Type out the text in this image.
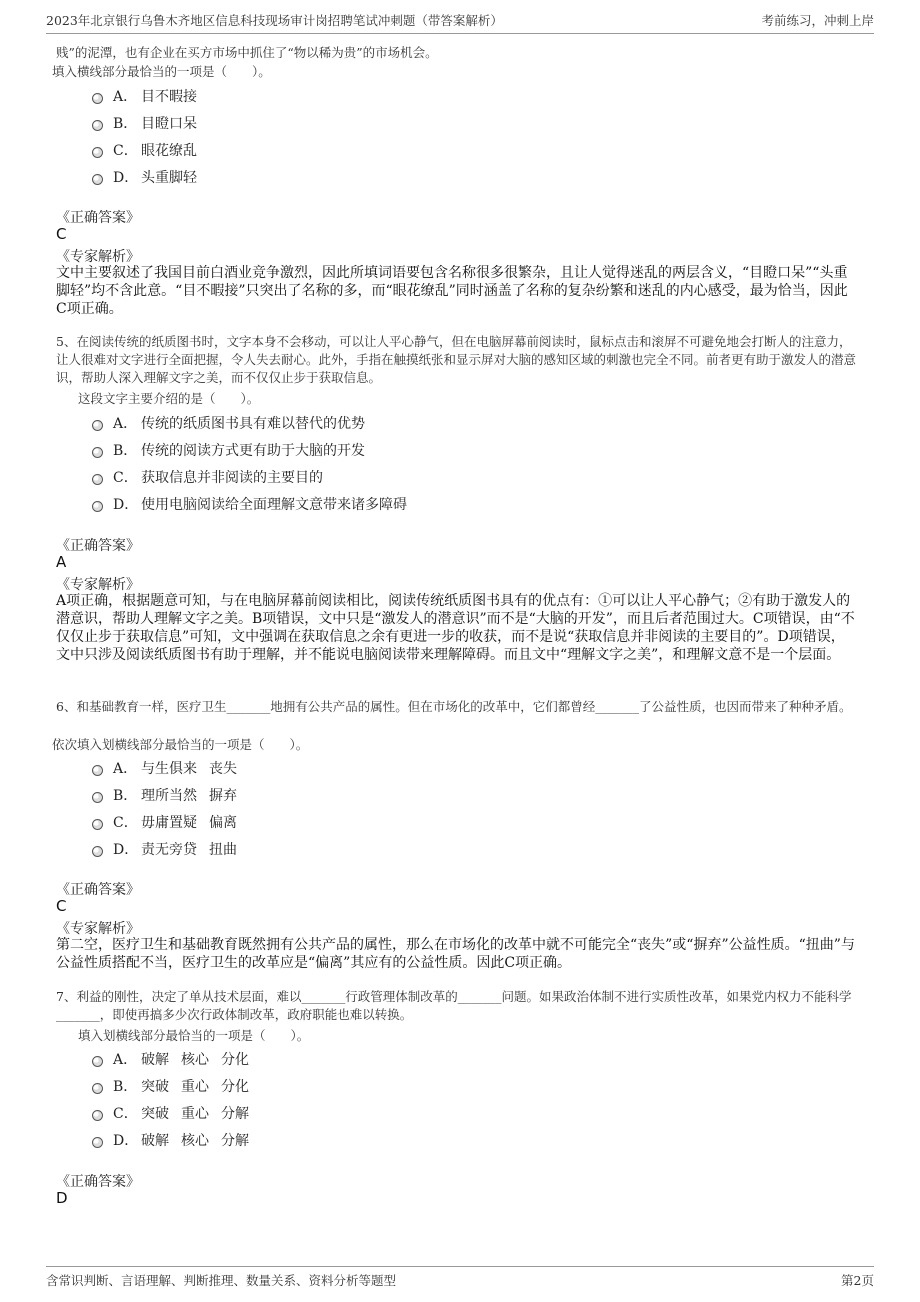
2023年北京银行乌鲁木齐地区信息科技现场审计岗招聘笔试冲刺题（带答案解析）	考前练习，冲刺上岸
贱”的泥潭，也有企业在买方市场中抓住了“物以稀为贵”的市场机会。
填入横线部分最恰当的一项是（　　）。
A． 目不暇接
B． 目瞪口呆
C． 眼花缭乱
D． 头重脚轻
《正确答案》
C
《专家解析》
文中主要叙述了我国目前白酒业竞争激烈，因此所填词语要包含名称很多很繁杂，且让人觉得迷乱的两层含义，“目瞪口呆”“头重脚轻”均不含此意。“目不暇接”只突出了名称的多，而“眼花缭乱”同时涵盖了名称的复杂纷繁和迷乱的内心感受，最为恰当，因此C项正确。
5、在阅读传统的纸质图书时，文字本身不会移动，可以让人平心静气，但在电脑屏幕前阅读时，鼠标点击和滚屏不可避免地会打断人的注意力，让人很难对文字进行全面把握，令人失去耐心。此外，手指在触摸纸张和显示屏对大脑的感知区域的刺激也完全不同。前者更有助于激发人的潜意识，帮助人深入理解文字之美，而不仅仅止步于获取信息。
这段文字主要介绍的是（　　）。
A． 传统的纸质图书具有难以替代的优势
B． 传统的阅读方式更有助于大脑的开发
C． 获取信息并非阅读的主要目的
D． 使用电脑阅读给全面理解文意带来诸多障碍
《正确答案》
A
《专家解析》
A项正确，根据题意可知，与在电脑屏幕前阅读相比，阅读传统纸质图书具有的优点有：①可以让人平心静气；②有助于激发人的潜意识，帮助人理解文字之美。B项错误，文中只是“激发人的潜意识”而不是“大脑的开发”，而且后者范围过大。C项错误，由“不仅仅止步于获取信息”可知，文中强调在获取信息之余有更进一步的收获，而不是说“获取信息并非阅读的主要目的”。D项错误，文中只涉及阅读纸质图书有助于理解，并不能说电脑阅读带来理解障碍。而且文中“理解文字之美”，和理解文意不是一个层面。
6、和基础教育一样，医疗卫生_______地拥有公共产品的属性。但在市场化的改革中，它们都曾经_______了公益性质，也因而带来了种种矛盾。
依次填入划横线部分最恰当的一项是（　　）。
A． 与生俱来 丧失
B． 理所当然 摒弃
C． 毋庸置疑 偏离
D． 责无旁贷 扭曲
《正确答案》
C
《专家解析》
第二空，医疗卫生和基础教育既然拥有公共产品的属性，那么在市场化的改革中就不可能完全“丧失”或“摒弃”公益性质。“扭曲”与公益性质搭配不当，医疗卫生的改革应是“偏离”其应有的公益性质。因此C项正确。
7、利益的刚性，决定了单从技术层面，难以_______行政管理体制改革的_______问题。如果政治体制不进行实质性改革，如果党内权力不能科学_______，即使再搞多少次行政体制改革，政府职能也难以转换。
填入划横线部分最恰当的一项是（　　）。
A． 破解 核心 分化
B． 突破 重心 分化
C． 突破 重心 分解
D． 破解 核心 分解
《正确答案》
D
含常识判断、言语理解、判断推理、数量关系、资料分析等题型	第2页
